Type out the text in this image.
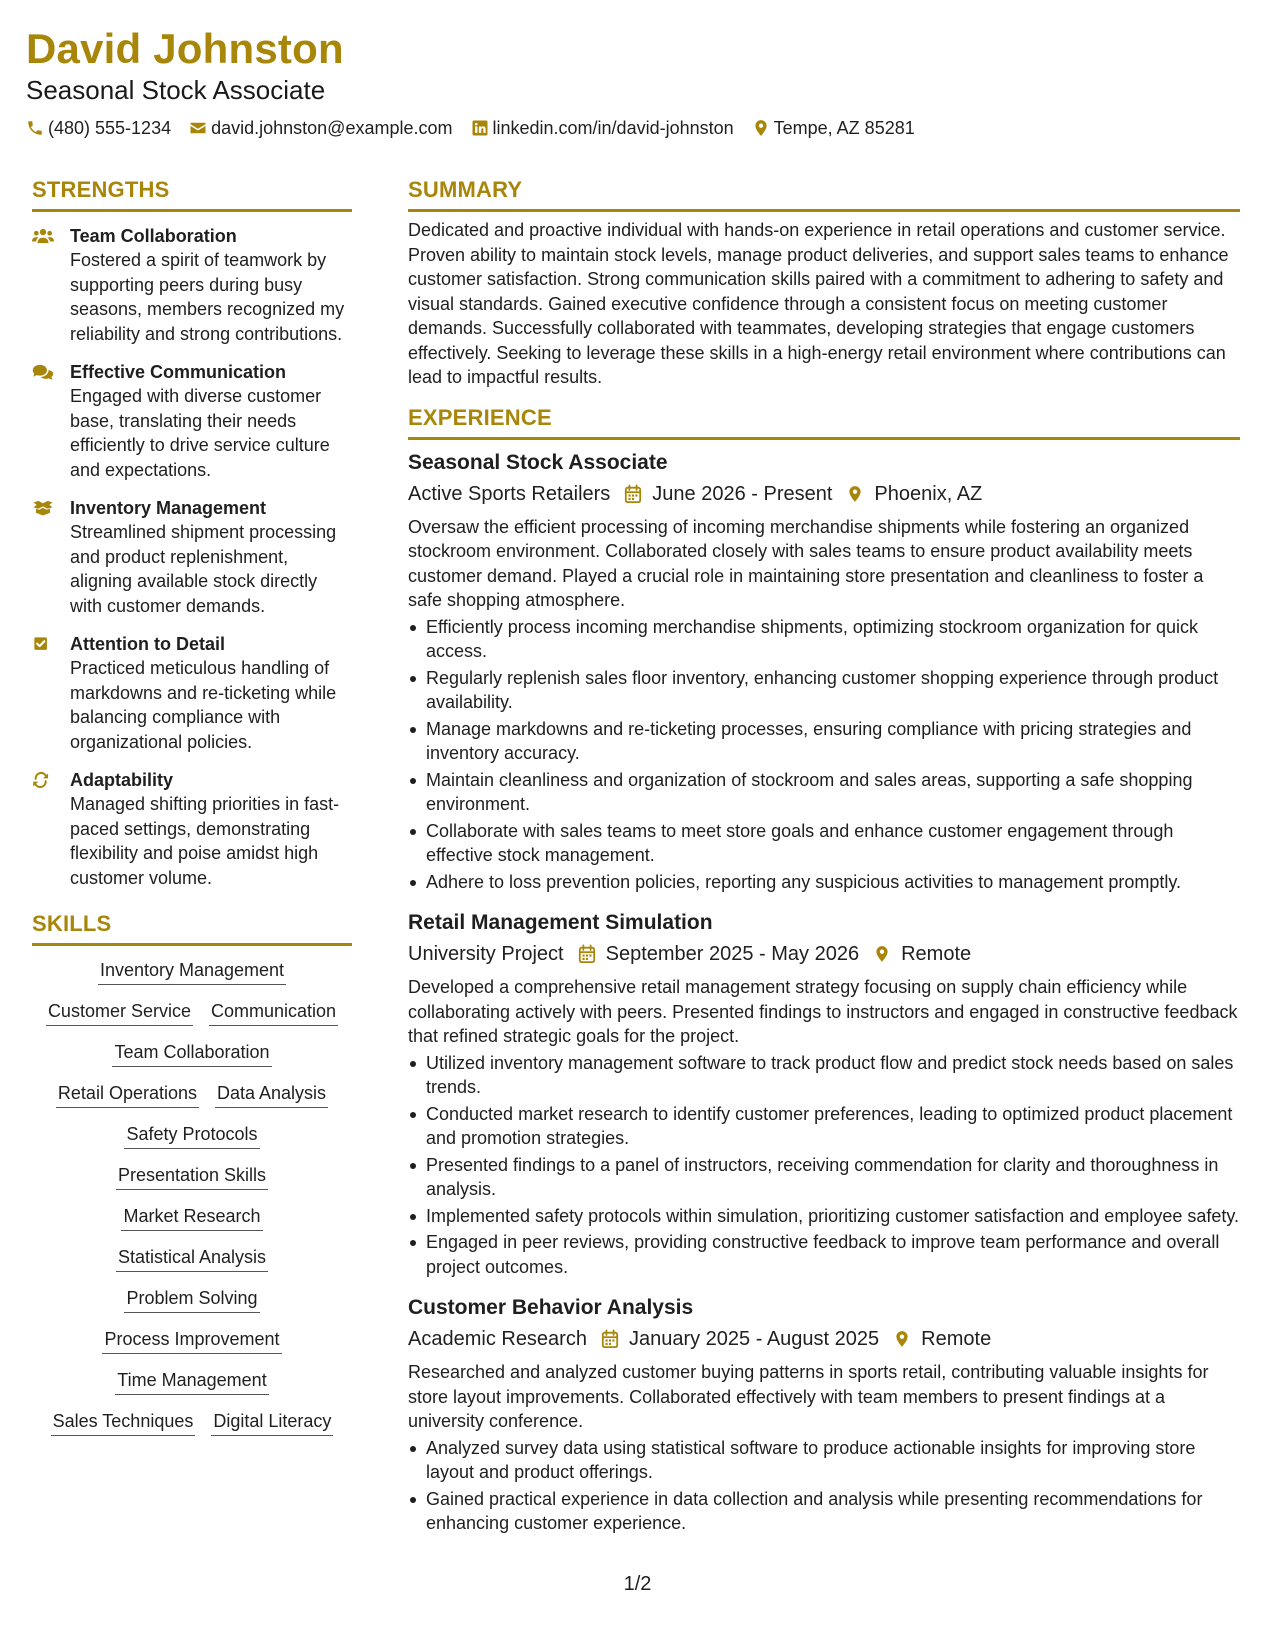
David Johnston
Seasonal Stock Associate
(480) 555-1234 david.johnston@example.com linkedin.com/in/david-johnston Tempe, AZ 85281
STRENGTHS
Team Collaboration
Fostered a spirit of teamwork by supporting peers during busy seasons, members recognized my reliability and strong contributions.
Effective Communication
Engaged with diverse customer base, translating their needs efficiently to drive service culture and expectations.
Inventory Management
Streamlined shipment processing and product replenishment, aligning available stock directly with customer demands.
Attention to Detail
Practiced meticulous handling of markdowns and re-ticketing while balancing compliance with organizational policies.
Adaptability
Managed shifting priorities in fast-paced settings, demonstrating flexibility and poise amidst high customer volume.
SKILLS
Inventory Management
Customer Service Communication
Team Collaboration
Retail Operations Data Analysis
Safety Protocols
Presentation Skills
Market Research
Statistical Analysis
Problem Solving
Process Improvement
Time Management
Sales Techniques Digital Literacy
SUMMARY
Dedicated and proactive individual with hands-on experience in retail operations and customer service. Proven ability to maintain stock levels, manage product deliveries, and support sales teams to enhance customer satisfaction. Strong communication skills paired with a commitment to adhering to safety and visual standards. Gained executive confidence through a consistent focus on meeting customer demands. Successfully collaborated with teammates, developing strategies that engage customers effectively. Seeking to leverage these skills in a high-energy retail environment where contributions can lead to impactful results.
EXPERIENCE
Seasonal Stock Associate
Active Sports Retailers June 2026 - Present Phoenix, AZ
Oversaw the efficient processing of incoming merchandise shipments while fostering an organized stockroom environment. Collaborated closely with sales teams to ensure product availability meets customer demand. Played a crucial role in maintaining store presentation and cleanliness to foster a safe shopping atmosphere.
Efficiently process incoming merchandise shipments, optimizing stockroom organization for quick access.
Regularly replenish sales floor inventory, enhancing customer shopping experience through product availability.
Manage markdowns and re-ticketing processes, ensuring compliance with pricing strategies and inventory accuracy.
Maintain cleanliness and organization of stockroom and sales areas, supporting a safe shopping environment.
Collaborate with sales teams to meet store goals and enhance customer engagement through effective stock management.
Adhere to loss prevention policies, reporting any suspicious activities to management promptly.
Retail Management Simulation
University Project September 2025 - May 2026 Remote
Developed a comprehensive retail management strategy focusing on supply chain efficiency while collaborating actively with peers. Presented findings to instructors and engaged in constructive feedback that refined strategic goals for the project.
Utilized inventory management software to track product flow and predict stock needs based on sales trends.
Conducted market research to identify customer preferences, leading to optimized product placement and promotion strategies.
Presented findings to a panel of instructors, receiving commendation for clarity and thoroughness in analysis.
Implemented safety protocols within simulation, prioritizing customer satisfaction and employee safety.
Engaged in peer reviews, providing constructive feedback to improve team performance and overall project outcomes.
Customer Behavior Analysis
Academic Research January 2025 - August 2025 Remote
Researched and analyzed customer buying patterns in sports retail, contributing valuable insights for store layout improvements. Collaborated effectively with team members to present findings at a university conference.
Analyzed survey data using statistical software to produce actionable insights for improving store layout and product offerings.
Gained practical experience in data collection and analysis while presenting recommendations for enhancing customer experience.
1/2
